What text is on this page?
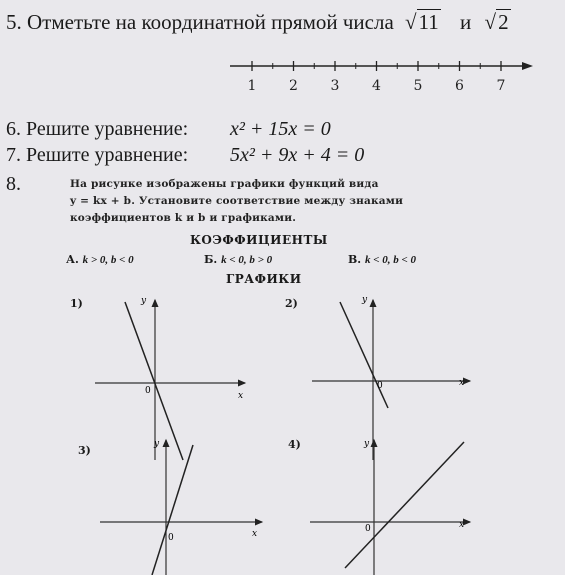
5. Отметьте на координатной прямой числа √11 и √2
1 2 3 4 5 6 7
6. Решите уравнение: x² + 15x = 0
7. Решите уравнение: 5x² + 9x + 4 = 0
8.	На рисунке изображены графики функций вида
y = kx + b. Установите соответствие между знаками
коэффициентов k и b и графиками.
КОЭФФИЦИЕНТЫ
А. k > 0, b < 0	Б. k < 0, b > 0	В. k < 0, b < 0
ГРАФИКИ
1)	2)
3)	4)
y
x
0
y
x
0
y
x
0
y
x
0
